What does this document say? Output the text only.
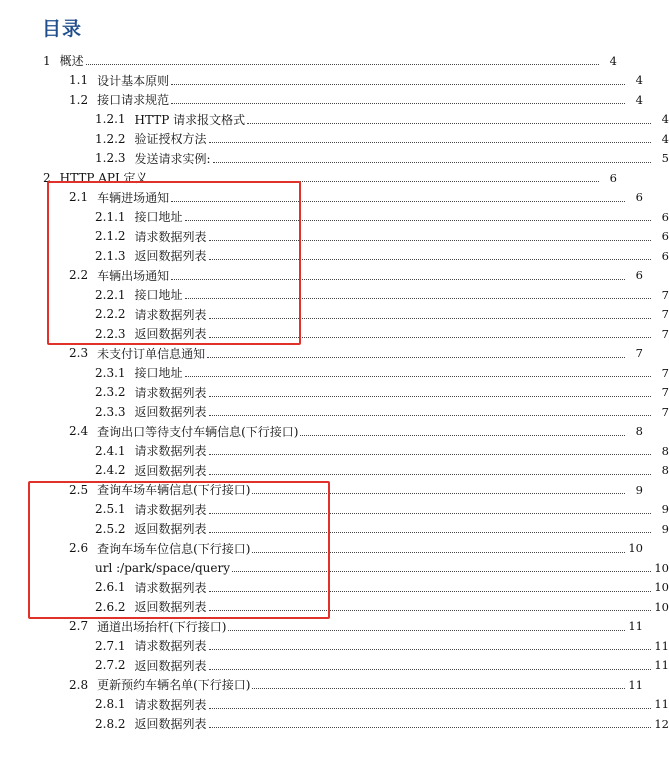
目录
1 概述	4
1.1 设计基本原则	4
1.2 接口请求规范	4
1.2.1 HTTP 请求报文格式	4
1.2.2 验证授权方法	4
1.2.3 发送请求实例:	5
2 HTTP API 定义	6
2.1 车辆进场通知	6
2.1.1 接口地址	6
2.1.2 请求数据列表	6
2.1.3 返回数据列表	6
2.2 车辆出场通知	6
2.2.1 接口地址	7
2.2.2 请求数据列表	7
2.2.3 返回数据列表	7
2.3 未支付订单信息通知	7
2.3.1 接口地址	7
2.3.2 请求数据列表	7
2.3.3 返回数据列表	7
2.4 查询出口等待支付车辆信息(下行接口)	8
2.4.1 请求数据列表	8
2.4.2 返回数据列表	8
2.5 查询车场车辆信息(下行接口)	9
2.5.1 请求数据列表	9
2.5.2 返回数据列表	9
2.6 查询车场车位信息(下行接口)	10
url :/park/space/query	10
2.6.1 请求数据列表	10
2.6.2 返回数据列表	10
2.7 通道出场抬杆(下行接口)	11
2.7.1 请求数据列表	11
2.7.2 返回数据列表	11
2.8 更新预约车辆名单(下行接口)	11
2.8.1 请求数据列表	11
2.8.2 返回数据列表	12
